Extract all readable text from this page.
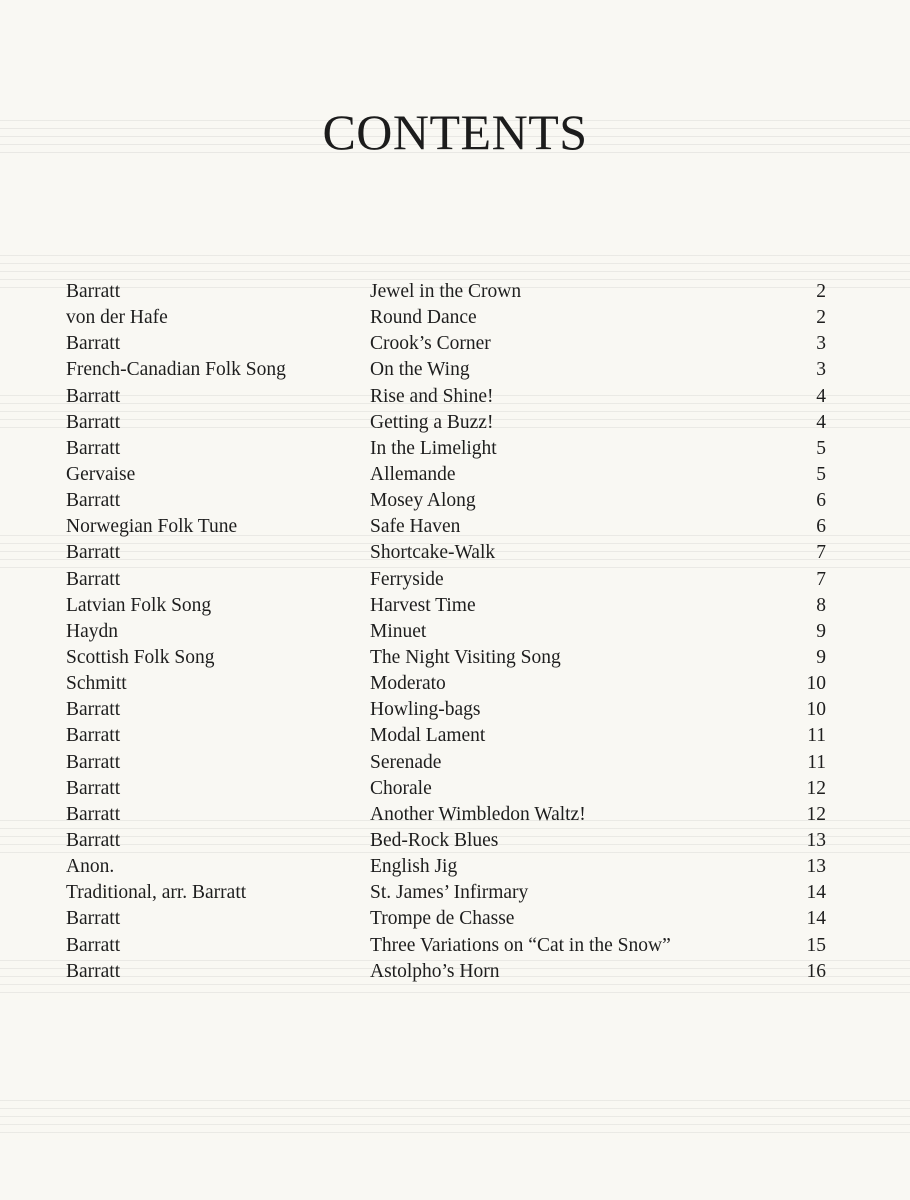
CONTENTS
Barratt	Jewel in the Crown	2
von der Hafe	Round Dance	2
Barratt	Crook’s Corner	3
French-Canadian Folk Song	On the Wing	3
Barratt	Rise and Shine!	4
Barratt	Getting a Buzz!	4
Barratt	In the Limelight	5
Gervaise	Allemande	5
Barratt	Mosey Along	6
Norwegian Folk Tune	Safe Haven	6
Barratt	Shortcake-Walk	7
Barratt	Ferryside	7
Latvian Folk Song	Harvest Time	8
Haydn	Minuet	9
Scottish Folk Song	The Night Visiting Song	9
Schmitt	Moderato	10
Barratt	Howling-bags	10
Barratt	Modal Lament	11
Barratt	Serenade	11
Barratt	Chorale	12
Barratt	Another Wimbledon Waltz!	12
Barratt	Bed-Rock Blues	13
Anon.	English Jig	13
Traditional, arr. Barratt	St. James’ Infirmary	14
Barratt	Trompe de Chasse	14
Barratt	Three Variations on “Cat in the Snow”	15
Barratt	Astolpho’s Horn	16
